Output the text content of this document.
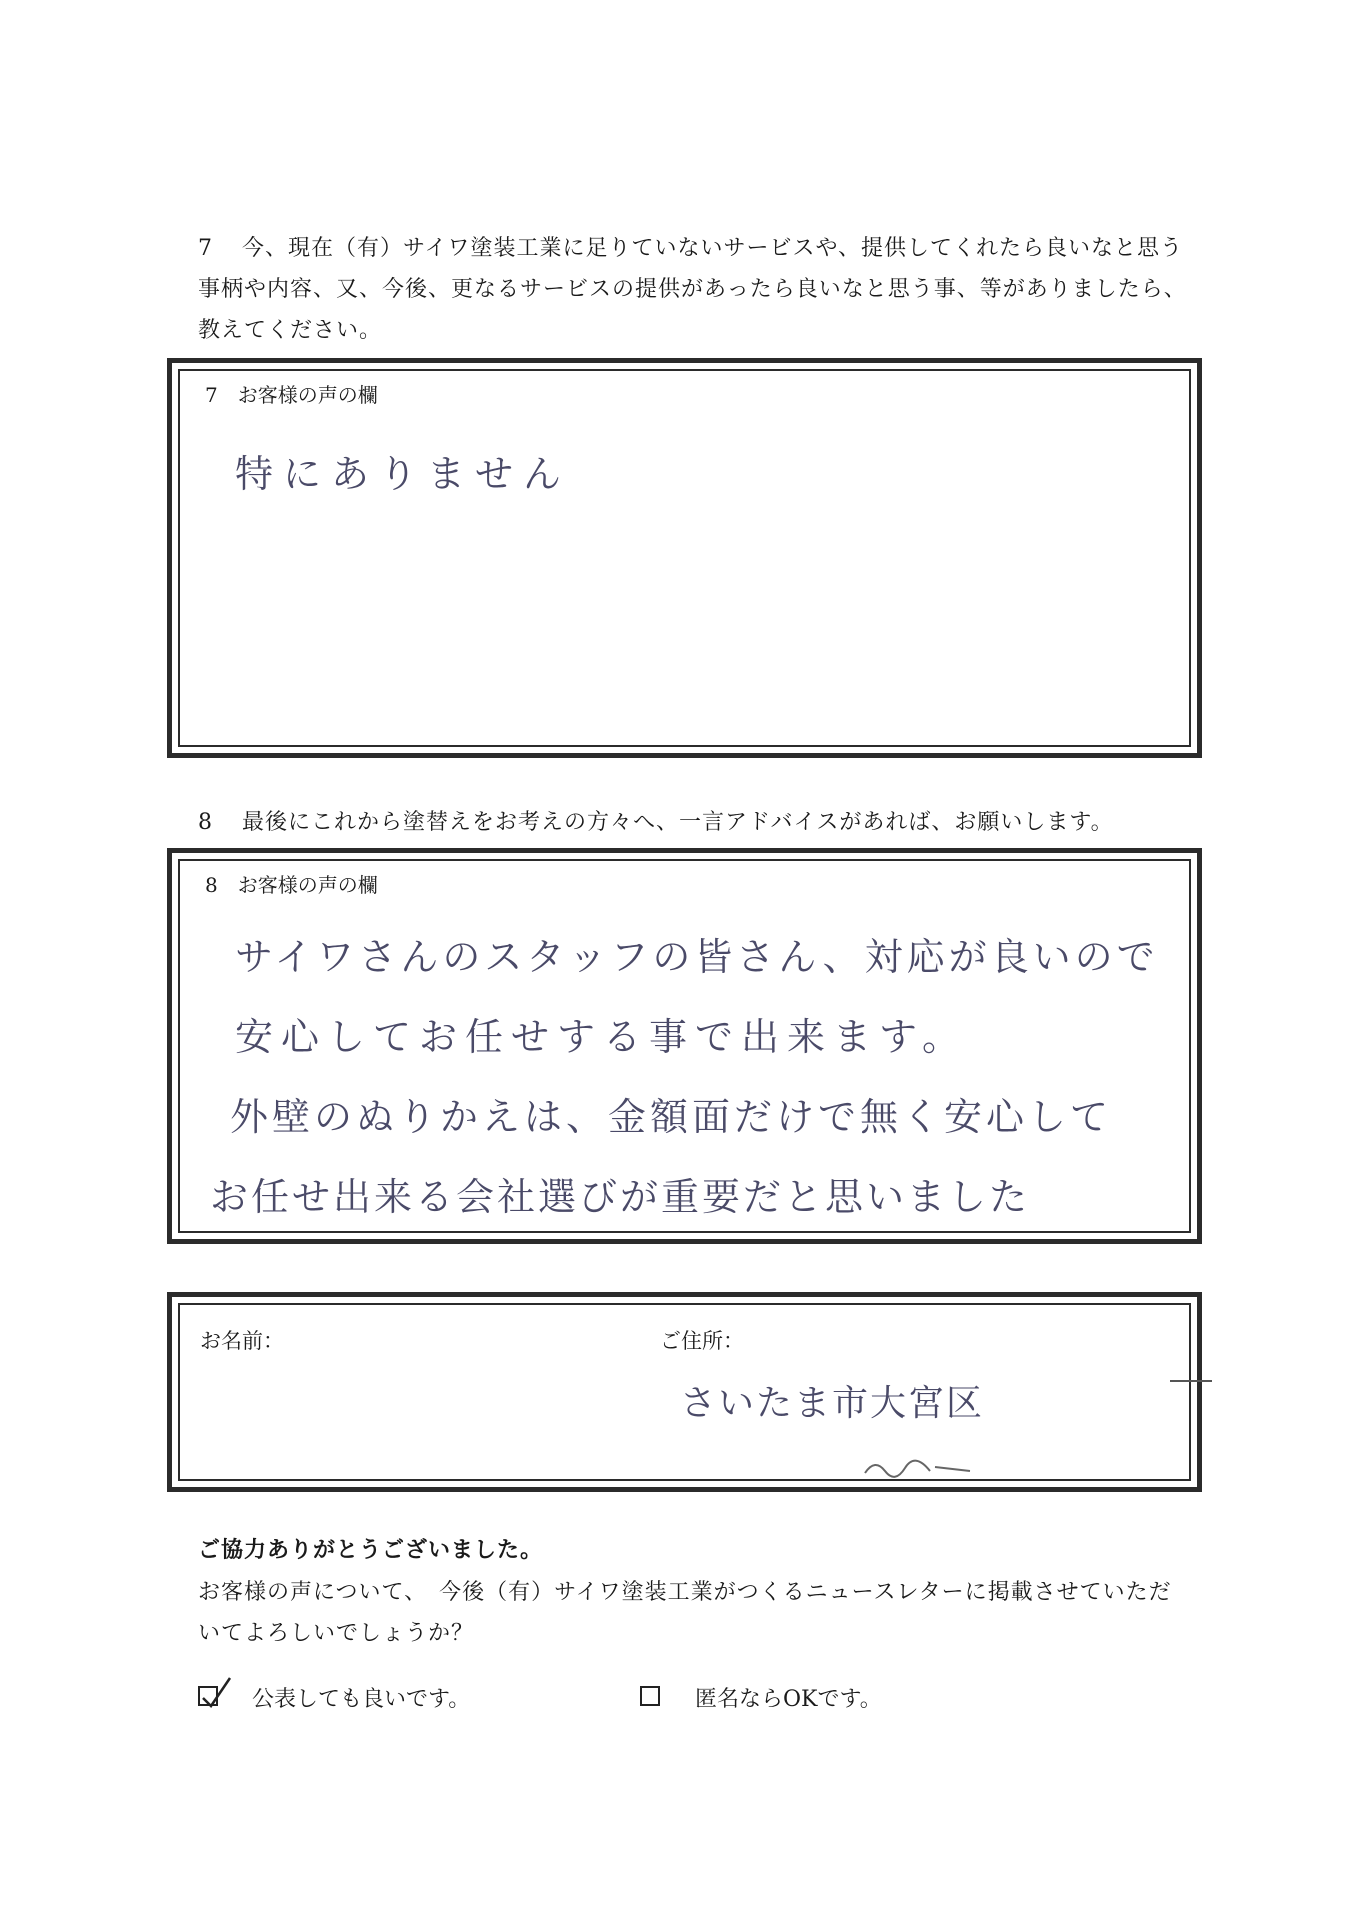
7 今、現在（有）サイワ塗装工業に足りていないサービスや、提供してくれたら良いなと思う事柄や内容、又、今後、更なるサービスの提供があったら良いなと思う事、等がありましたら、教えてください。

7　お客様の声の欄
特にありません

8 最後にこれから塗替えをお考えの方々へ、一言アドバイスがあれば、お願いします。

8　お客様の声の欄
サイワさんのスタッフの皆さん、対応が良いので
安心してお任せする事で出来ます。
外壁のぬりかえは、金額面だけで無く安心して
お任せ出来る会社選びが重要だと思いました
お名前：	ご住所：
さいたま市大宮区
ご協力ありがとうございました。
お客様の声について、　今後（有）サイワ塗装工業がつくるニュースレターに掲載させていただいてよろしいでしょうか？
公表しても良いです。	匿名ならOKです。
